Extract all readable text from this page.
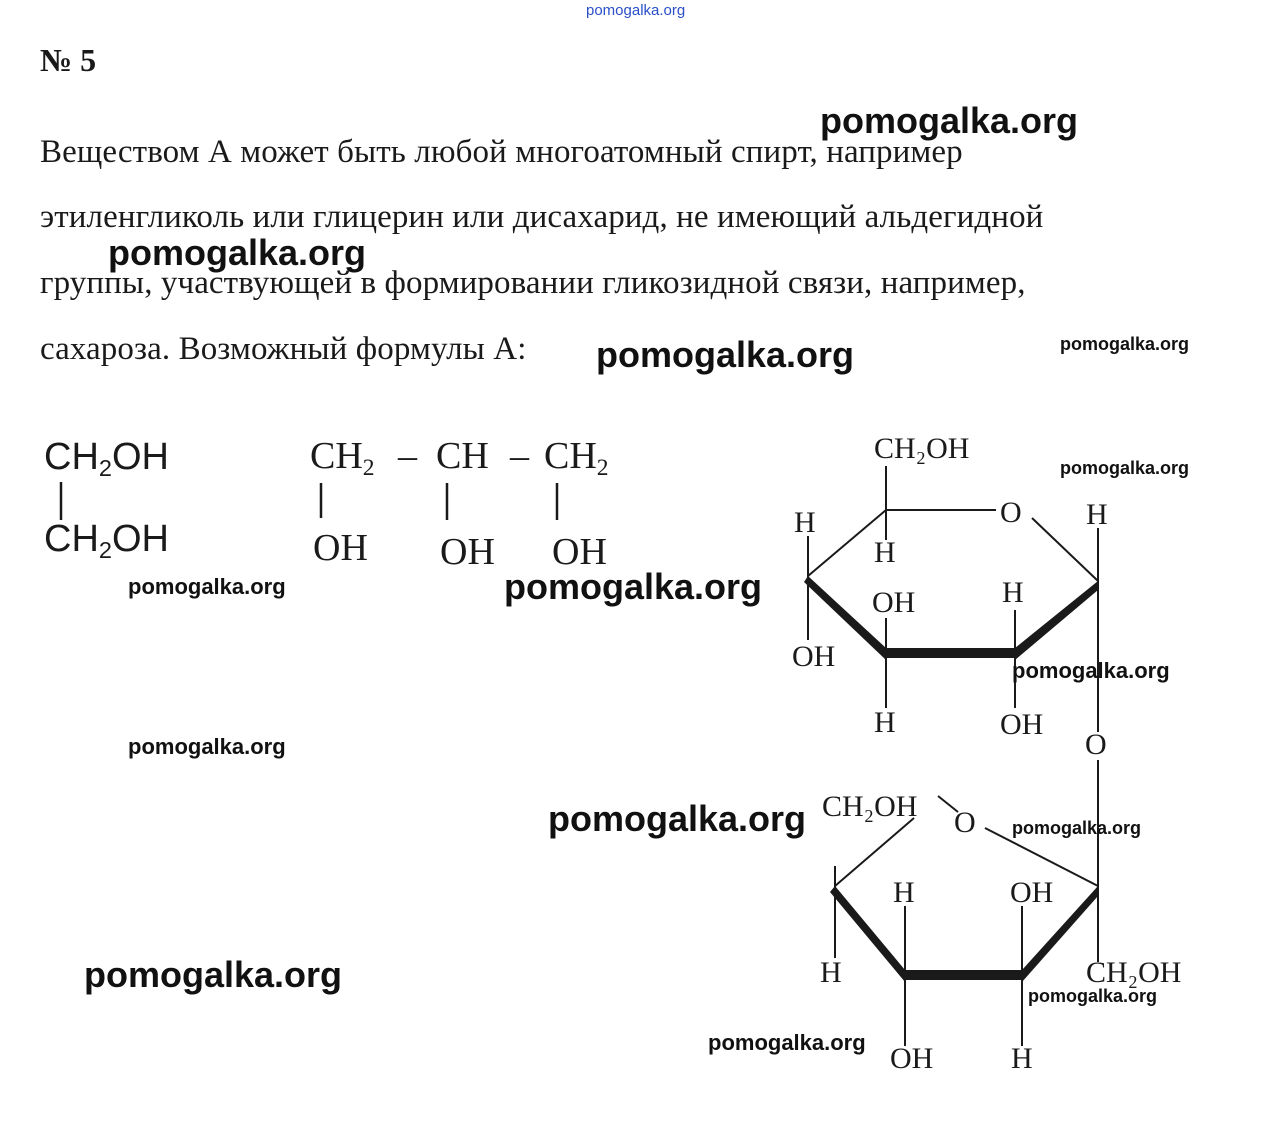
pomogalka.org
№ 5
Веществом А может быть любой многоатомный спирт, например
этиленгликоль или глицерин или дисахарид, не имеющий альдегидной
группы, участвующей в формировании гликозидной связи, например,
сахароза. Возможный формулы А:
$CH_2OH$
$CH_2OH$
$CH_2$ – CH – $CH_2$
OH OH OH
CH₂OH
O H
H
H
OH	H
OH
H	OH
O
CH₂OH O
H	OH
H	CH₂OH
OH	H
pomogalka.org
pomogalka.org
pomogalka.org	pomogalka.org
pomogalka.org
pomogalka.org	pomogalka.org
pomogalka.org
pomogalka.org
pomogalka.org	pomogalka.org
pomogalka.org
pomogalka.org
pomogalka.org
